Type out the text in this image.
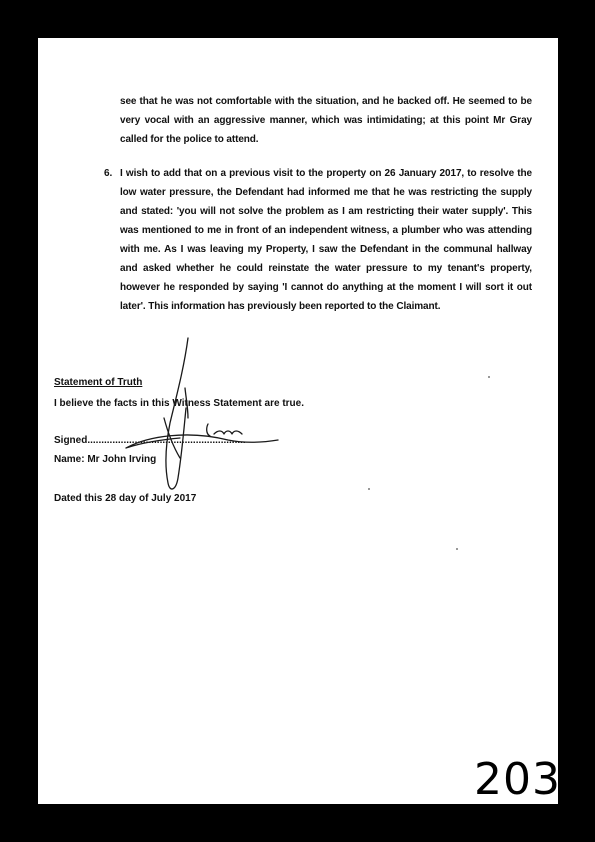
see that he was not comfortable with the situation, and he backed off. He seemed to be very vocal with an aggressive manner, which was intimidating; at this point Mr Gray called for the police to attend.

6. I wish to add that on a previous visit to the property on 26 January 2017, to resolve the low water pressure, the Defendant had informed me that he was restricting the supply and stated: 'you will not solve the problem as I am restricting their water supply'. This was mentioned to me in front of an independent witness, a plumber who was attending with me. As I was leaving my Property, I saw the Defendant in the communal hallway and asked whether he could reinstate the water pressure to my tenant's property, however he responded by saying 'I cannot do anything at the moment I will sort it out later'. This information has previously been reported to the Claimant.

Statement of Truth
I believe the facts in this Witness Statement are true.
Signed.........................................................
Name: Mr John Irving
Dated this 28 day of July 2017
203
